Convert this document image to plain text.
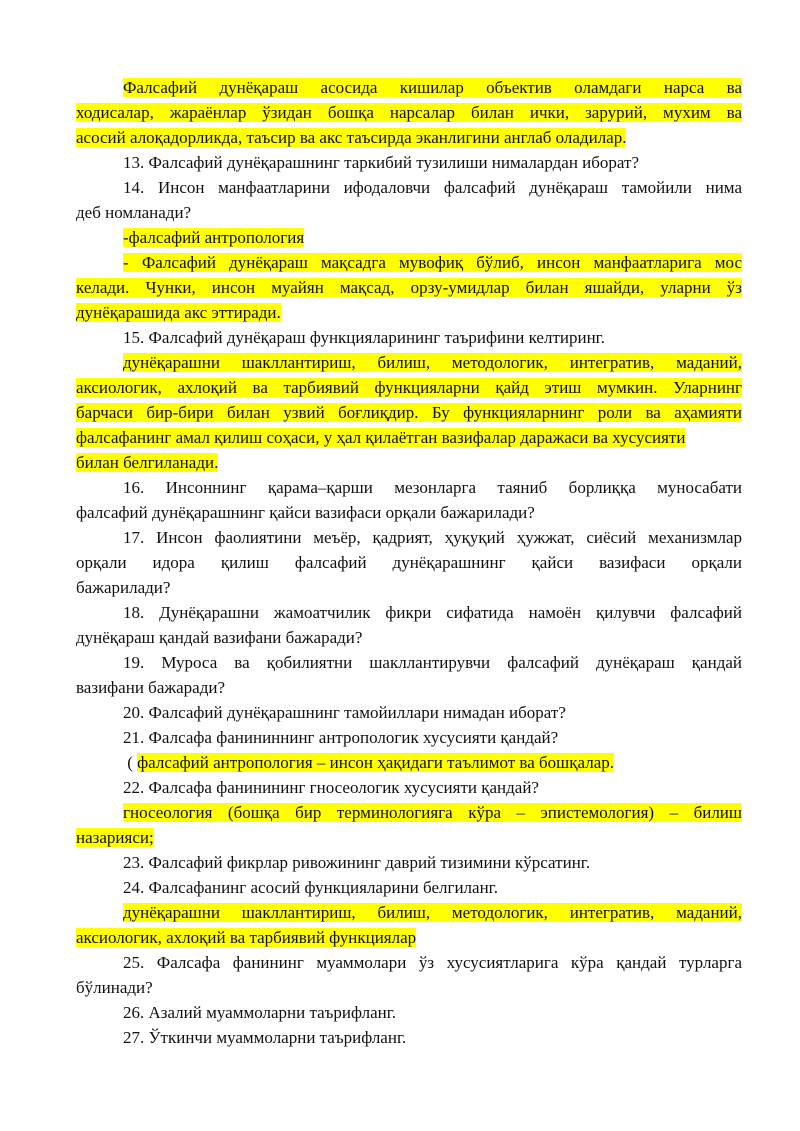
Фалсафий дунёқараш асосида кишилар объектив оламдаги нарса ва
ходисалар, жараёнлар ўзидан бошқа нарсалар билан ички, зарурий, мухим ва
асосий алоқадорликда, таъсир ва акс таъсирда эканлигини англаб оладилар.
13. Фалсафий дунёқарашнинг таркибий тузилиши нималардан иборат?
14. Инсон манфаатларини ифодаловчи фалсафий дунёқараш тамойили нима
деб номланади?
-фалсафий антропология
- Фалсафий дунёқараш мақсадга мувофиқ бўлиб, инсон манфаатларига мос
келади. Чунки, инсон муайян мақсад, орзу-умидлар билан яшайди, уларни ўз
дунёқарашида акс эттиради.
15. Фалсафий дунёқараш функцияларининг таърифини келтиринг.
дунёқарашни шакллантириш, билиш, методологик, интегратив, маданий,
аксиологик, ахлоқий ва тарбиявий функцияларни қайд этиш мумкин. Уларнинг
барчаси бир-бири билан узвий боғлиқдир. Бу функцияларнинг роли ва аҳамияти
фалсафанинг амал қилиш соҳаси, у ҳал қилаётган вазифалар даражаси ва хусусияти
билан белгиланади.
16. Инсоннинг қарама–қарши мезонларга таяниб борлиққа муносабати
фалсафий дунёқарашнинг қайси вазифаси орқали бажарилади?
17. Инсон фаолиятини меъёр, қадрият, ҳуқуқий ҳужжат, сиёсий механизмлар
орқали идора қилиш фалсафий дунёқарашнинг қайси вазифаси орқали
бажарилади?
18. Дунёқарашни жамоатчилик фикри сифатида намоён қилувчи фалсафий
дунёқараш қандай вазифани бажаради?
19. Муроса ва қобилиятни шакллантирувчи фалсафий дунёқараш қандай
вазифани бажаради?
20. Фалсафий дунёқарашнинг тамойиллари нимадан иборат?
21. Фалсафа фанининнинг антропологик хусусияти қандай?
( фалсафий антропология – инсон ҳақидаги таълимот ва бошқалар.
22. Фалсафа фанинининг гносеологик хусусияти қандай?
гносеология (бошқа бир терминологияга кўра – эпистемология) – билиш
назарияси;
23. Фалсафий фикрлар ривожининг даврий тизимини кўрсатинг.
24. Фалсафанинг асосий функцияларини белгиланг.
дунёқарашни шакллантириш, билиш, методологик, интегратив, маданий,
аксиологик, ахлоқий ва тарбиявий функциялар
25. Фалсафа фанининг муаммолари ўз хусусиятларига кўра қандай турларга
бўлинади?
26. Азалий муаммоларни таърифланг.
27. Ўткинчи муаммоларни таърифланг.
